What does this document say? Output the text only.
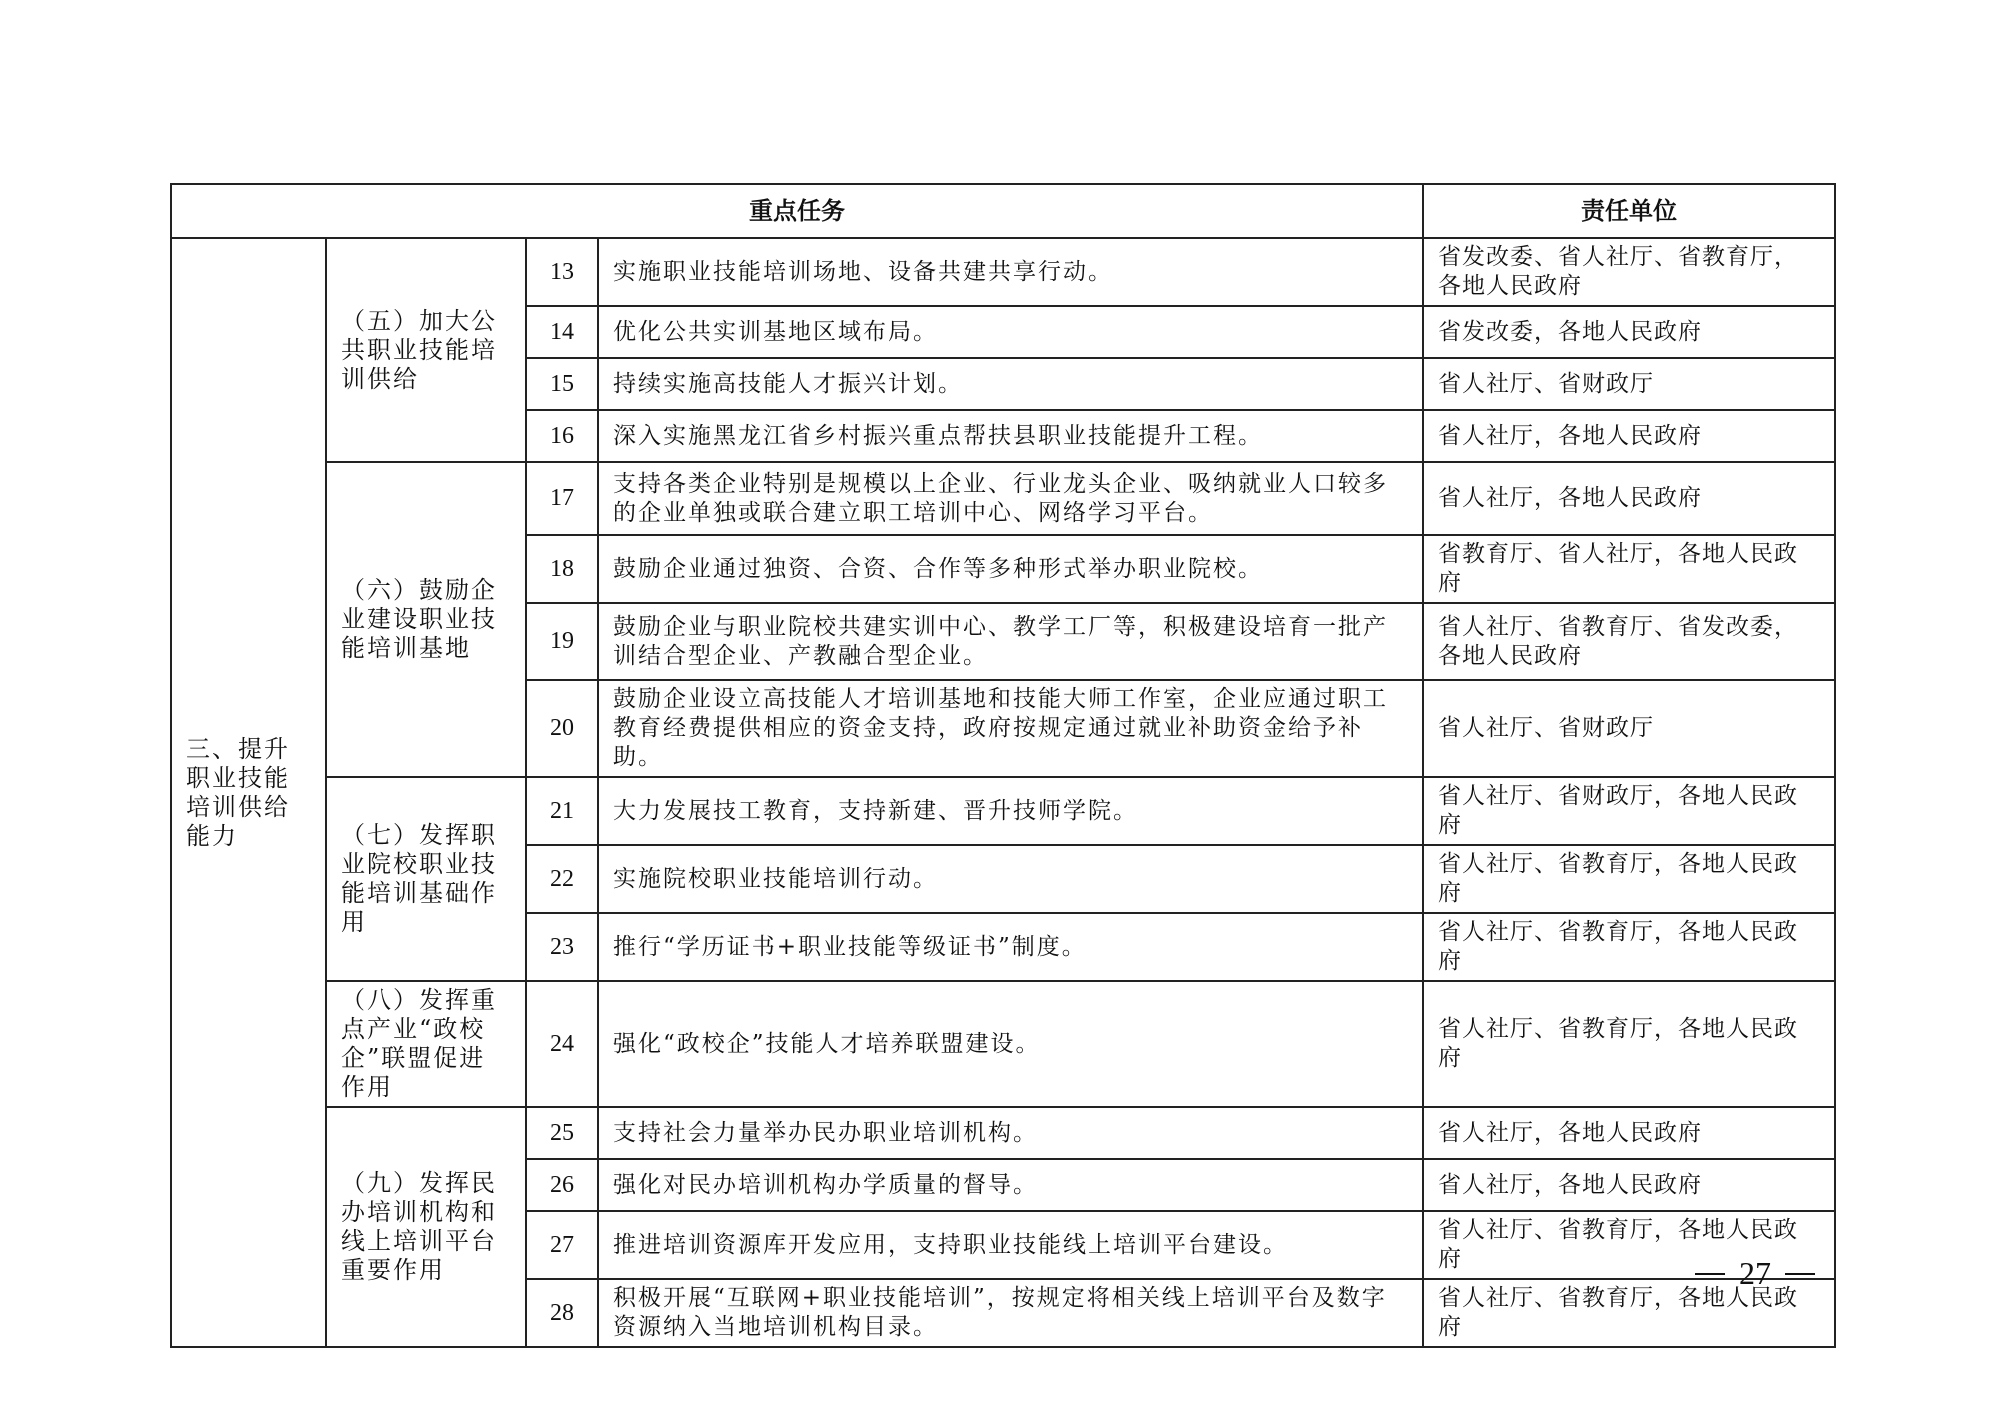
重点任务				责任单位
三、提升职业技能培训供给能力	（五）加大公共职业技能培训供给	13	实施职业技能培训场地、设备共建共享行动。	省发改委、省人社厅、省教育厅，各地人民政府
		14	优化公共实训基地区域布局。	省发改委，各地人民政府
		15	持续实施高技能人才振兴计划。	省人社厅、省财政厅
		16	深入实施黑龙江省乡村振兴重点帮扶县职业技能提升工程。	省人社厅，各地人民政府
	（六）鼓励企业建设职业技能培训基地	17	支持各类企业特别是规模以上企业、行业龙头企业、吸纳就业人口较多的企业单独或联合建立职工培训中心、网络学习平台。	省人社厅，各地人民政府
		18	鼓励企业通过独资、合资、合作等多种形式举办职业院校。	省教育厅、省人社厅，各地人民政府
		19	鼓励企业与职业院校共建实训中心、教学工厂等，积极建设培育一批产训结合型企业、产教融合型企业。	省人社厅、省教育厅、省发改委，各地人民政府
		20	鼓励企业设立高技能人才培训基地和技能大师工作室，企业应通过职工教育经费提供相应的资金支持，政府按规定通过就业补助资金给予补助。	省人社厅、省财政厅
	（七）发挥职业院校职业技能培训基础作用	21	大力发展技工教育，支持新建、晋升技师学院。	省人社厅、省财政厅，各地人民政府
		22	实施院校职业技能培训行动。	省人社厅、省教育厅，各地人民政府
		23	推行“学历证书+职业技能等级证书”制度。	省人社厅、省教育厅，各地人民政府
	（八）发挥重点产业“政校企”联盟促进作用	24	强化“政校企”技能人才培养联盟建设。	省人社厅、省教育厅，各地人民政府
	（九）发挥民办培训机构和线上培训平台重要作用	25	支持社会力量举办民办职业培训机构。	省人社厅，各地人民政府
		26	强化对民办培训机构办学质量的督导。	省人社厅，各地人民政府
		27	推进培训资源库开发应用，支持职业技能线上培训平台建设。	省人社厅、省教育厅，各地人民政府
		28	积极开展“互联网+职业技能培训”，按规定将相关线上培训平台及数字资源纳入当地培训机构目录。	省人社厅、省教育厅，各地人民政府
27
